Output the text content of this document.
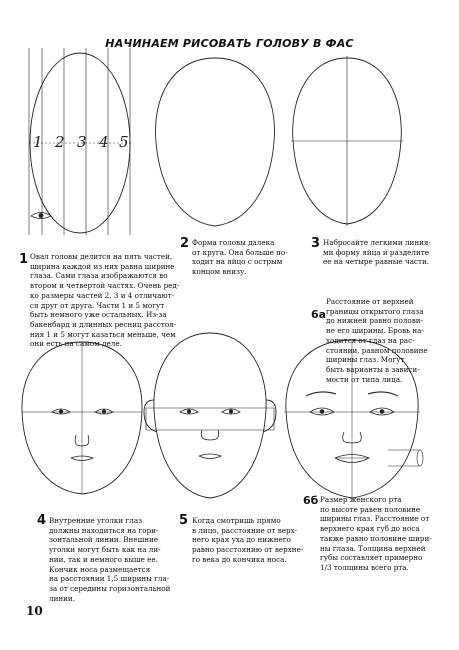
НАЧИНАЕМ РИСОВАТЬ ГОЛОВУ В ФАС
1 2 3 4 5
1
2	3
6а
4	5
6б
Овал головы делится на пять частей,
ширина каждой из них равна ширине
глаза. Сами глаза изображаются во
втором и четвертой частях. Очень ред-
ко размеры частей 2, 3 и 4 отличают-
ся друг от друга. Части 1 и 5 могут
быть немного уже остальных. Из-за
бакенбард и длинных ресниц расстоя-
ния 1 и 5 могут казаться меньше, чем
они есть на самом деле.
Форма головы далека
от круга. Она больше по-
ходит на яйцо с острым
концом внизу.
Набросайте легкими линия-
ми форму яйца и разделите
ее на четыре равные части.
Расстояние от верхней
границы открытого глаза
до нижней равно полови-
не его ширины. Бровь на-
ходится от глаз на рас-
стоянии, равном половине
ширины глаз. Могут
быть варианты в зависи-
мости от типа лица.
Внутренние уголки глаз
должны находиться на гори-
зонтальной линии. Внешние
уголки могут быть как на ли-
нии, так и немного выше ее.
Кончик носа размещается
на расстоянии 1,5 ширины гла-
за от середины горизонтальной
линии.
Когда смотришь прямо
в лицо, расстояние от верх-
него края уха до нижнего
равно расстоянию от верхне-
го века до кончика носа.
Размер женского рта
по высоте равен половине
ширины глаз. Расстояние от
верхнего края губ до носа
также равно половине шири-
ны глаза. Толщина верхней
губы составляет примерно
1/3 толщины всего рта.
10
